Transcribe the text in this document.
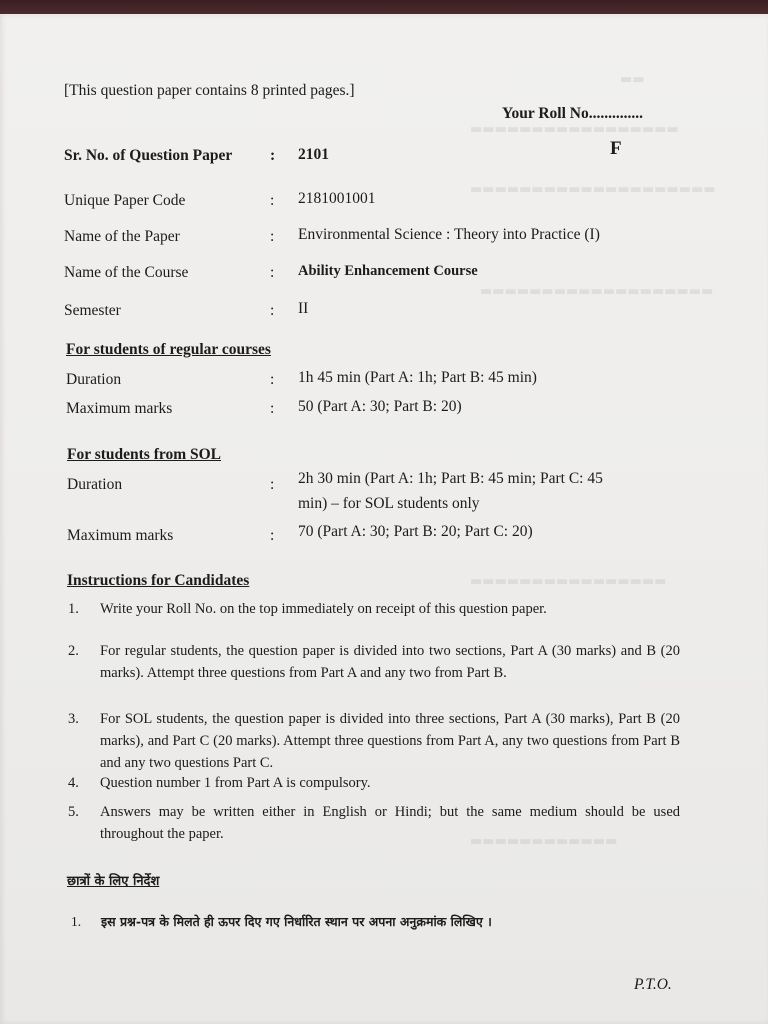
▬▬
▬▬▬▬▬▬▬▬▬▬▬▬▬▬▬▬▬
▬▬▬▬▬▬▬▬▬▬▬▬▬▬▬▬▬▬▬▬
▬▬▬▬▬▬▬▬▬▬▬▬▬▬▬▬▬▬▬
▬▬▬▬▬▬▬▬▬▬▬▬▬▬▬▬
▬▬▬▬▬▬▬▬▬▬▬▬
[This question paper contains 8 printed pages.]
Your Roll No..............
Sr. No. of Question Paper : 2101	F
Unique Paper Code	: 2181001001
Name of the Paper	: Environmental Science : Theory into Practice (I)
Name of the Course	: Ability Enhancement Course
Semester	: II
For students of regular courses
Duration	: 1h 45 min (Part A: 1h; Part B: 45 min)
Maximum marks	: 50 (Part A: 30; Part B: 20)
For students from SOL
Duration	: 2h 30 min (Part A: 1h; Part B: 45 min; Part C: 45
min) – for SOL students only
Maximum marks	: 70 (Part A: 30; Part B: 20; Part C: 20)
Instructions for Candidates
1. Write your Roll No. on the top immediately on receipt of this question paper.
2. For regular students, the question paper is divided into two sections, Part A (30 marks) and B (20 marks). Attempt three questions from Part A and any two from Part B.
3. For SOL students, the question paper is divided into three sections, Part A (30 marks), Part B (20 marks), and Part C (20 marks). Attempt three questions from Part A, any two questions from Part B and any two questions Part C.
4. Question number 1 from Part A is compulsory.
5. Answers may be written either in English or Hindi; but the same medium should be used throughout the paper.
छात्रों के लिए निर्देश
1. इस प्रश्न-पत्र के मिलते ही ऊपर दिए गए निर्धारित स्थान पर अपना अनुक्रमांक लिखिए ।
P.T.O.
